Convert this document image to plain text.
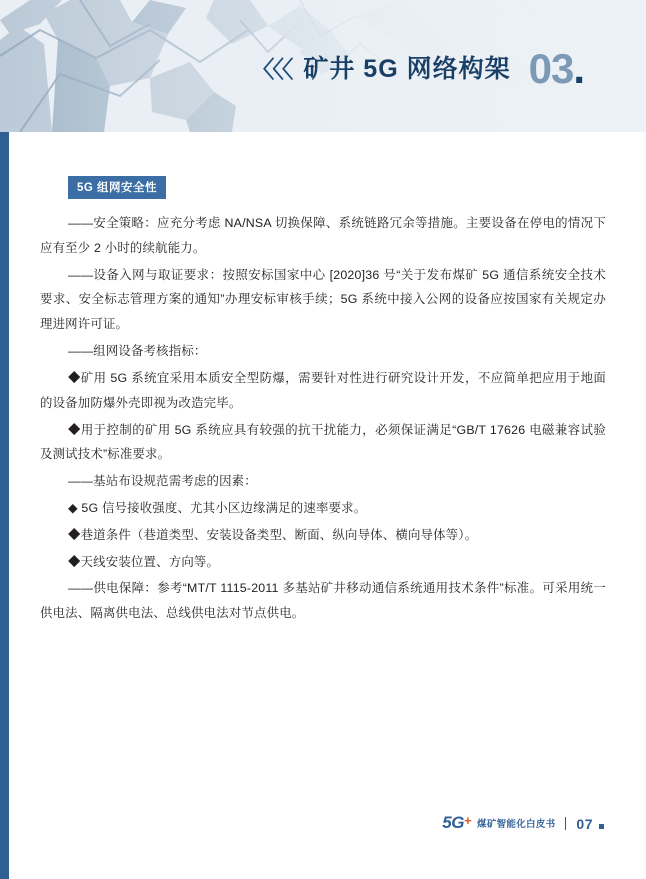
〈〈〈 矿井 5G 网络构架 03.
5G 组网安全性

——安全策略：应充分考虑 NA/NSA 切换保障、系统链路冗余等措施。主要设备在停电的情况下应有至少 2 小时的续航能力。

——设备入网与取证要求：按照安标国家中心 [2020]36 号“关于发布煤矿 5G 通信系统安全技术要求、安全标志管理方案的通知”办理安标审核手续；5G 系统中接入公网的设备应按国家有关规定办理进网许可证。

——组网设备考核指标：

◆矿用 5G 系统宜采用本质安全型防爆，需要针对性进行研究设计开发，不应简单把应用于地面的设备加防爆外壳即视为改造完毕。

◆用于控制的矿用 5G 系统应具有较强的抗干扰能力，必须保证满足“GB/T 17626 电磁兼容试验及测试技术”标准要求。

——基站布设规范需考虑的因素：

◆ 5G 信号接收强度、尤其小区边缘满足的速率要求。

◆巷道条件（巷道类型、安装设备类型、断面、纵向导体、横向导体等）。

◆天线安装位置、方向等。

——供电保障：参考“MT/T 1115-2011 多基站矿井移动通信系统通用技术条件”标准。可采用统一供电法、隔离供电法、总线供电法对节点供电。

5G+ 煤矿智能化白皮书 07
